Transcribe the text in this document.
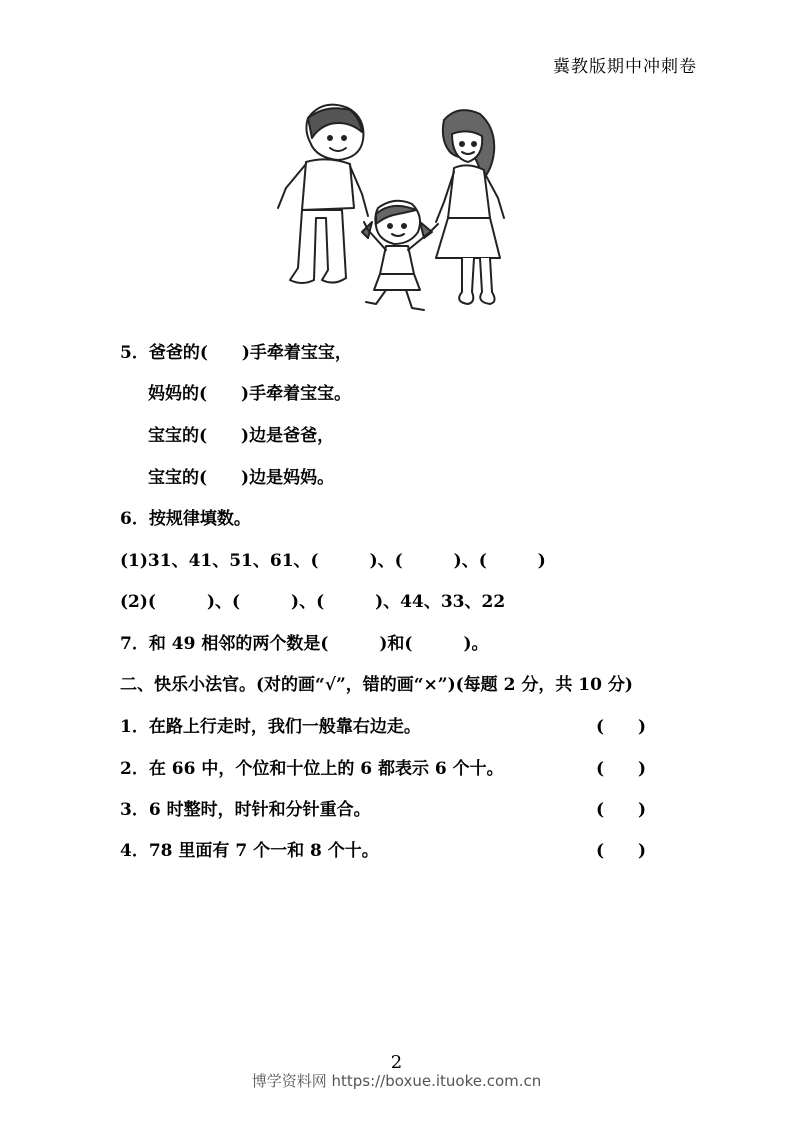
冀教版期中冲刺卷
5．爸爸的(　　)手牵着宝宝，
妈妈的(　　)手牵着宝宝。
宝宝的(　　)边是爸爸，
宝宝的(　　)边是妈妈。
6．按规律填数。
(1)31、41、51、61、(　　　)、(　　　)、(　　　)
(2)(　　　)、(　　　)、(　　　)、44、33、22
7．和 49 相邻的两个数是(　　　)和(　　　)。
二、快乐小法官。(对的画“√”，错的画“×”)(每题 2 分，共 10 分)
1．在路上行走时，我们一般靠右边走。	(　　)
2．在 66 中，个位和十位上的 6 都表示 6 个十。	(　　)
3．6 时整时，时针和分针重合。	(　　)
4．78 里面有 7 个一和 8 个十。	(　　)
2
博学资料网 https://boxue.ituoke.com.cn
